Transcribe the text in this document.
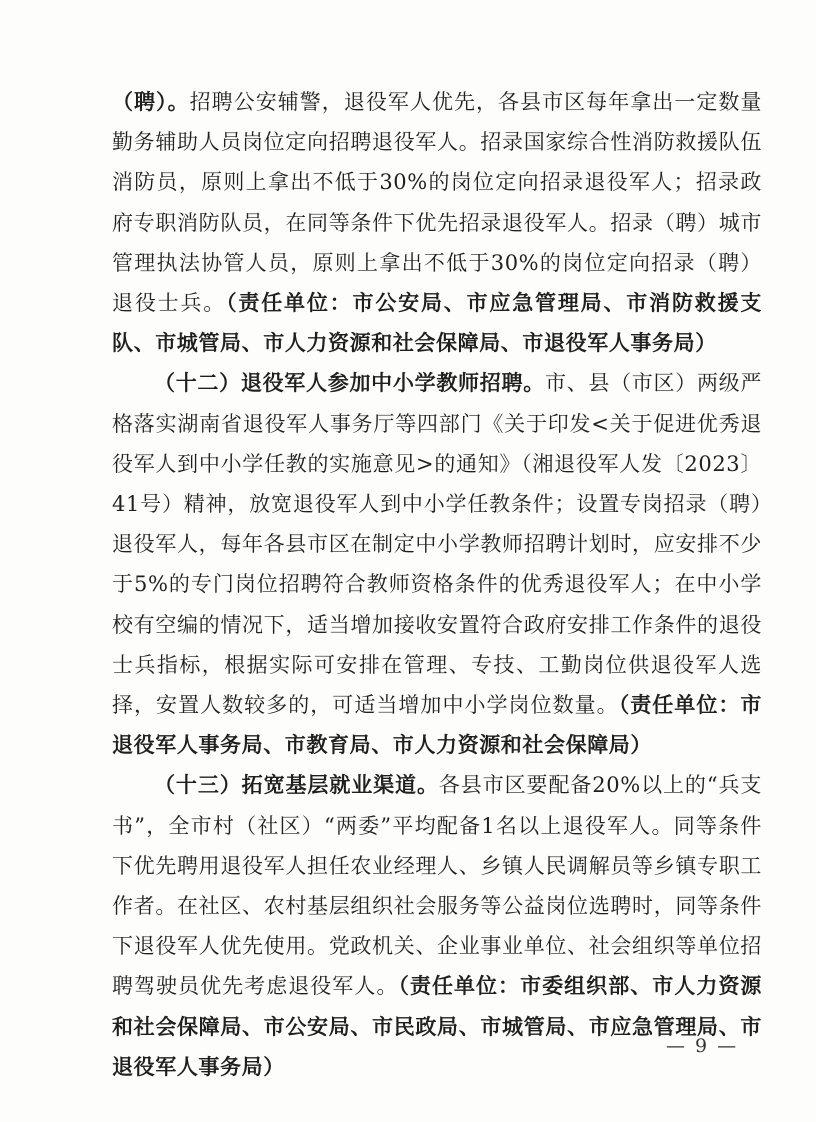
（聘）。招聘公安辅警，退役军人优先，各县市区每年拿出一定数量勤务辅助人员岗位定向招聘退役军人。招录国家综合性消防救援队伍消防员，原则上拿出不低于30%的岗位定向招录退役军人；招录政府专职消防队员，在同等条件下优先招录退役军人。招录（聘）城市管理执法协管人员，原则上拿出不低于30%的岗位定向招录（聘）退役士兵。（责任单位：市公安局、市应急管理局、市消防救援支队、市城管局、市人力资源和社会保障局、市退役军人事务局）

（十二）退役军人参加中小学教师招聘。市、县（市区）两级严格落实湖南省退役军人事务厅等四部门《关于印发<关于促进优秀退役军人到中小学任教的实施意见>的通知》（湘退役军人发〔2023〕41号）精神，放宽退役军人到中小学任教条件；设置专岗招录（聘）退役军人，每年各县市区在制定中小学教师招聘计划时，应安排不少于5%的专门岗位招聘符合教师资格条件的优秀退役军人；在中小学校有空编的情况下，适当增加接收安置符合政府安排工作条件的退役士兵指标，根据实际可安排在管理、专技、工勤岗位供退役军人选择，安置人数较多的，可适当增加中小学岗位数量。（责任单位：市退役军人事务局、市教育局、市人力资源和社会保障局）

（十三）拓宽基层就业渠道。各县市区要配备20%以上的“兵支书”，全市村（社区）“两委”平均配备1名以上退役军人。同等条件下优先聘用退役军人担任农业经理人、乡镇人民调解员等乡镇专职工作者。在社区、农村基层组织社会服务等公益岗位选聘时，同等条件下退役军人优先使用。党政机关、企业事业单位、社会组织等单位招聘驾驶员优先考虑退役军人。（责任单位：市委组织部、市人力资源和社会保障局、市公安局、市民政局、市城管局、市应急管理局、市退役军人事务局）

— 9 —
